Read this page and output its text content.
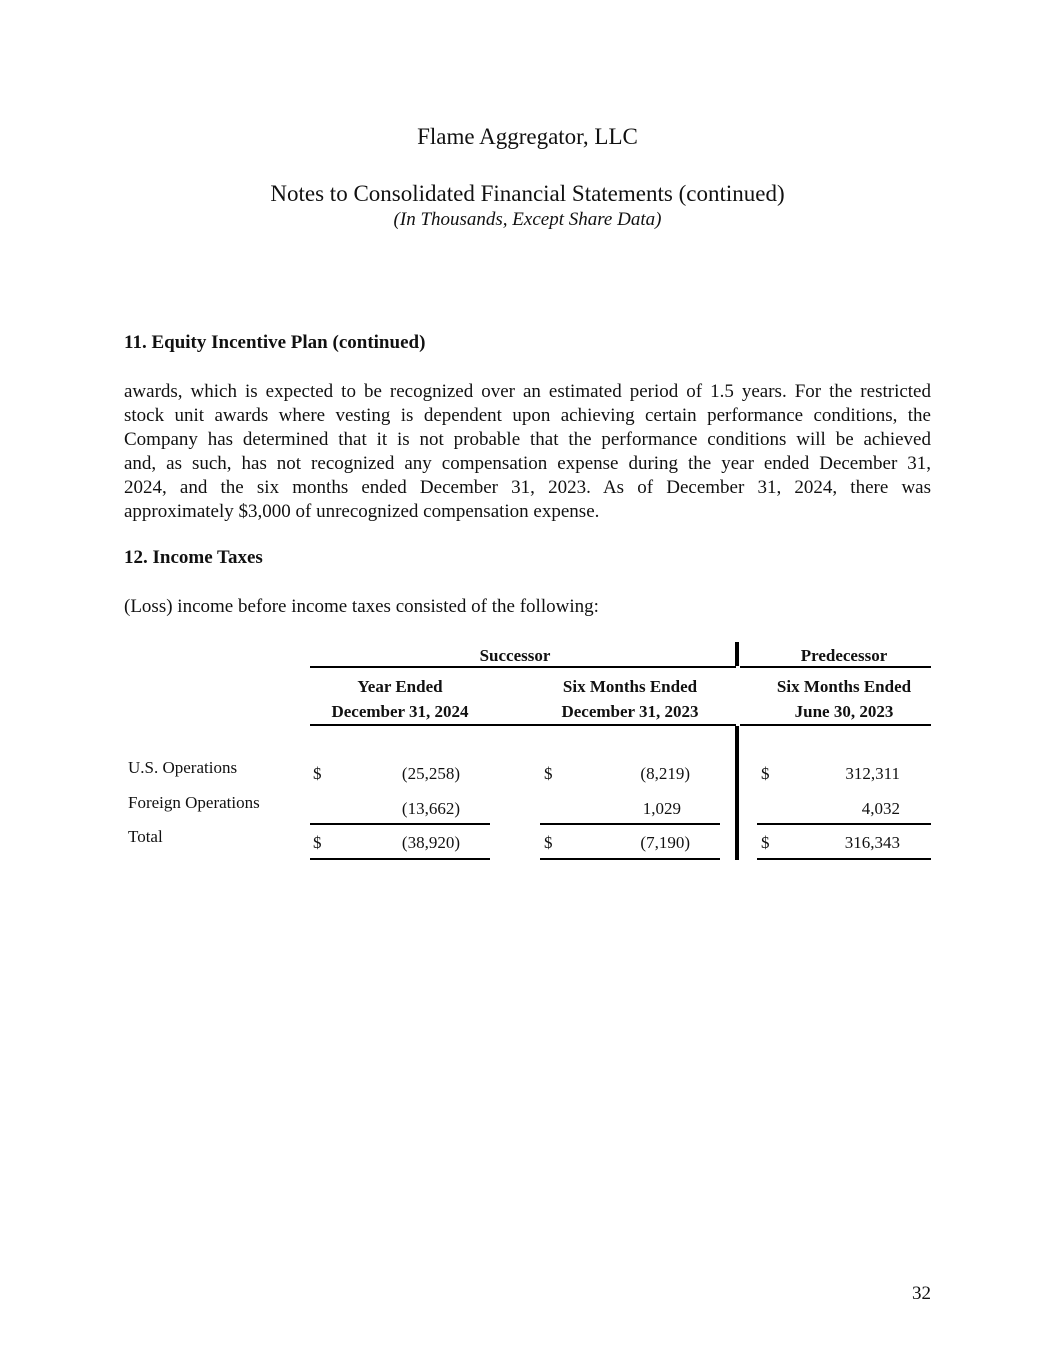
Flame Aggregator, LLC
Notes to Consolidated Financial Statements (continued)
(In Thousands, Except Share Data)
11. Equity Incentive Plan (continued)
awards, which is expected to be recognized over an estimated period of 1.5 years. For the restricted
stock unit awards where vesting is dependent upon achieving certain performance conditions, the
Company has determined that it is not probable that the performance conditions will be achieved
and, as such, has not recognized any compensation expense during the year ended December 31,
2024, and the six months ended December 31, 2023. As of December 31, 2024, there was
approximately $3,000 of unrecognized compensation expense.
12. Income Taxes
(Loss) income before income taxes consisted of the following:
Successor	Predecessor
Year Ended
December 31, 2024
Six Months Ended
December 31, 2023
Six Months Ended
June 30, 2023
U.S. Operations	$	(25,258)	$	(8,219)	$	312,311
Foreign Operations	(13,662)	1,029	4,032
Total	$	(38,920)	$	(7,190)	$	316,343
32
